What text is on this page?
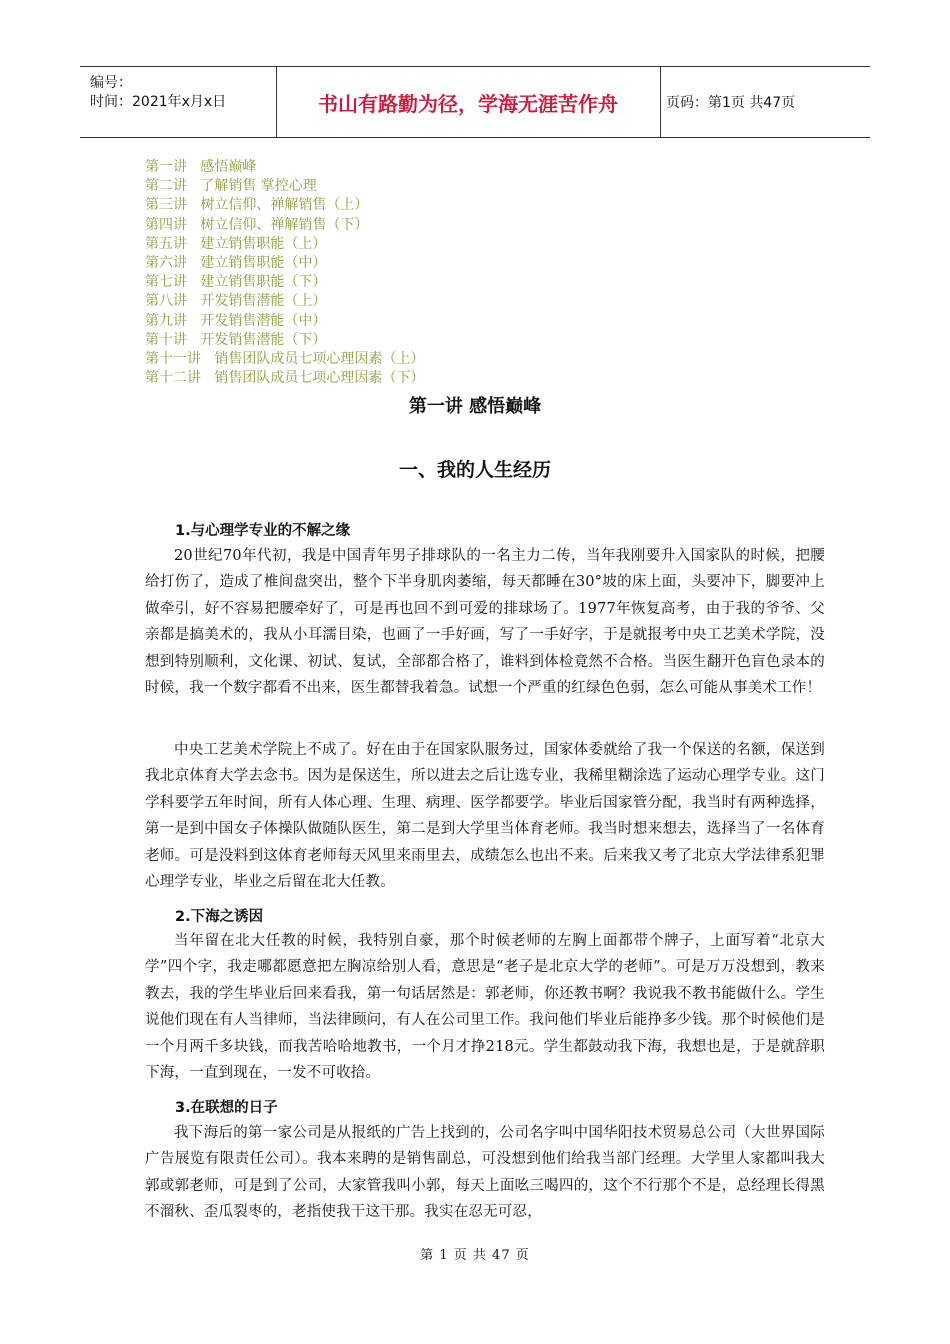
编号：
时间：2021年x月x日	书山有路勤为径，学海无涯苦作舟	页码：第1页 共47页
第一讲   感悟巅峰
第二讲   了解销售 掌控心理
第三讲   树立信仰、禅解销售（上）
第四讲   树立信仰、禅解销售（下）
第五讲   建立销售职能（上）
第六讲   建立销售职能（中）
第七讲   建立销售职能（下）
第八讲   开发销售潜能（上）
第九讲   开发销售潜能（中）
第十讲   开发销售潜能（下）
第十一讲   销售团队成员七项心理因素（上）
第十二讲   销售团队成员七项心理因素（下）
第一讲 感悟巅峰
一、我的人生经历
1.与心理学专业的不解之缘

20世纪70年代初，我是中国青年男子排球队的一名主力二传，当年我刚要升入国家队的时候，把腰给打伤了，造成了椎间盘突出，整个下半身肌肉萎缩，每天都睡在30°坡的床上面，头要冲下，脚要冲上做牵引，好不容易把腰牵好了，可是再也回不到可爱的排球场了。1977年恢复高考，由于我的爷爷、父亲都是搞美术的，我从小耳濡目染，也画了一手好画，写了一手好字，于是就报考中央工艺美术学院，没想到特别顺利，文化课、初试、复试，全部都合格了，谁料到体检竟然不合格。当医生翻开色盲色录本的时候，我一个数字都看不出来，医生都替我着急。试想一个严重的红绿色色弱，怎么可能从事美术工作！

中央工艺美术学院上不成了。好在由于在国家队服务过，国家体委就给了我一个保送的名额，保送到我北京体育大学去念书。因为是保送生，所以进去之后让选专业，我稀里糊涂选了运动心理学专业。这门学科要学五年时间，所有人体心理、生理、病理、医学都要学。毕业后国家管分配，我当时有两种选择，第一是到中国女子体操队做随队医生，第二是到大学里当体育老师。我当时想来想去，选择当了一名体育老师。可是没料到这体育老师每天风里来雨里去，成绩怎么也出不来。后来我又考了北京大学法律系犯罪心理学专业，毕业之后留在北大任教。

2.下海之诱因

当年留在北大任教的时候，我特别自豪，那个时候老师的左胸上面都带个牌子，上面写着“北京大学”四个字，我走哪都愿意把左胸凉给别人看，意思是“老子是北京大学的老师”。可是万万没想到，教来教去，我的学生毕业后回来看我，第一句话居然是：郭老师，你还教书啊？我说我不教书能做什么。学生说他们现在有人当律师，当法律顾问，有人在公司里工作。我问他们毕业后能挣多少钱。那个时候他们是一个月两千多块钱，而我苦哈哈地教书，一个月才挣218元。学生都鼓动我下海，我想也是，于是就辞职下海，一直到现在，一发不可收拾。

3.在联想的日子

我下海后的第一家公司是从报纸的广告上找到的，公司名字叫中国华阳技术贸易总公司（大世界国际广告展览有限责任公司）。我本来聘的是销售副总，可没想到他们给我当部门经理。大学里人家都叫我大郭或郭老师，可是到了公司，大家管我叫小郭，每天上面吆三喝四的，这个不行那个不是，总经理长得黑不溜秋、歪瓜裂枣的，老指使我干这干那。我实在忍无可忍，

第 1 页 共 47 页
